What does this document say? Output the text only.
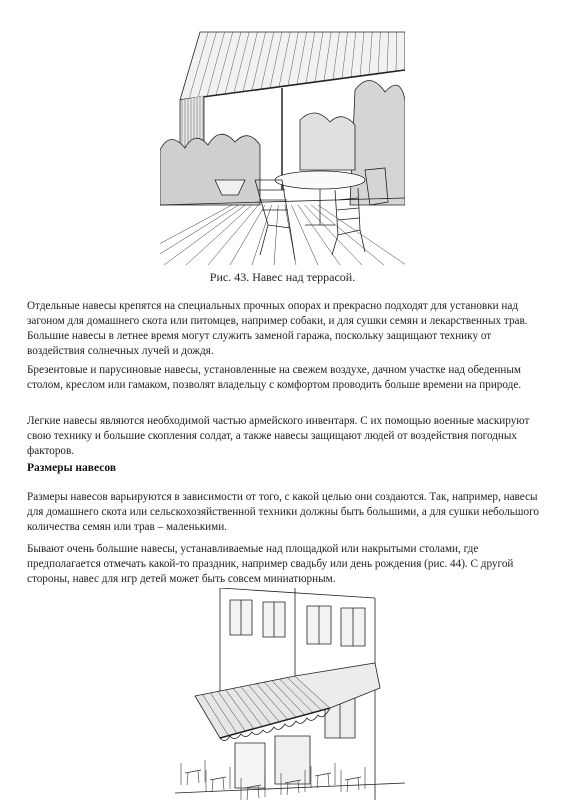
Рис. 43. Навес над террасой.

Отдельные навесы крепятся на специальных прочных опорах и прекрасно подходят для установки над загоном для домашнего скота или питомцев, например собаки, и для сушки семян и лекарственных трав. Большие навесы в летнее время могут служить заменой гаража, поскольку защищают технику от воздействия солнечных лучей и дождя.

Брезентовые и парусиновые навесы, установленные на свежем воздухе, дачном участке над обеденным столом, креслом или гамаком, позволят владельцу с комфортом проводить больше времени на природе.

Легкие навесы являются необходимой частью армейского инвентаря. С их помощью военные маскируют свою технику и большие скопления солдат, а также навесы защищают людей от воздействия погодных факторов.

Размеры навесов

Размеры навесов варьируются в зависимости от того, с какой целью они создаются. Так, например, навесы для домашнего скота или сельскохозяйственной техники должны быть большими, а для сушки небольшого количества семян или трав – маленькими.

Бывают очень большие навесы, устанавливаемые над площадкой или накрытыми столами, где предполагается отмечать какой-то праздник, например свадьбу или день рождения (рис. 44). С другой стороны, навес для игр детей может быть совсем миниатюрным.
